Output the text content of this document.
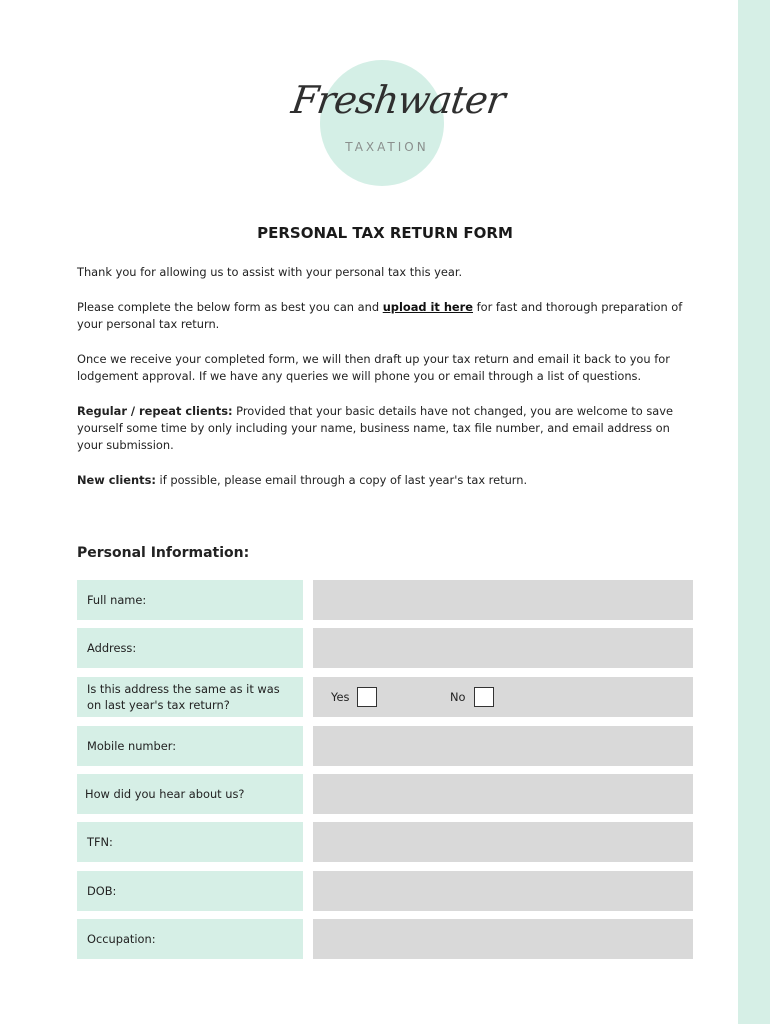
Freshwater
TAXATION
PERSONAL TAX RETURN FORM

Thank you for allowing us to assist with your personal tax this year.

Please complete the below form as best you can and upload it here for fast and thorough preparation of your personal tax return.

Once we receive your completed form, we will then draft up your tax return and email it back to you for lodgement approval. If we have any queries we will phone you or email through a list of questions.

Regular / repeat clients: Provided that your basic details have not changed, you are welcome to save yourself some time by only including your name, business name, tax file number, and email address on your submission.

New clients: if possible, please email through a copy of last year's tax return.

Personal Information:
Full name:
Address:
Is this address the same as it was on last year's tax return?
Yes	No
Mobile number:
How did you hear about us?
TFN:
DOB:
Occupation:
